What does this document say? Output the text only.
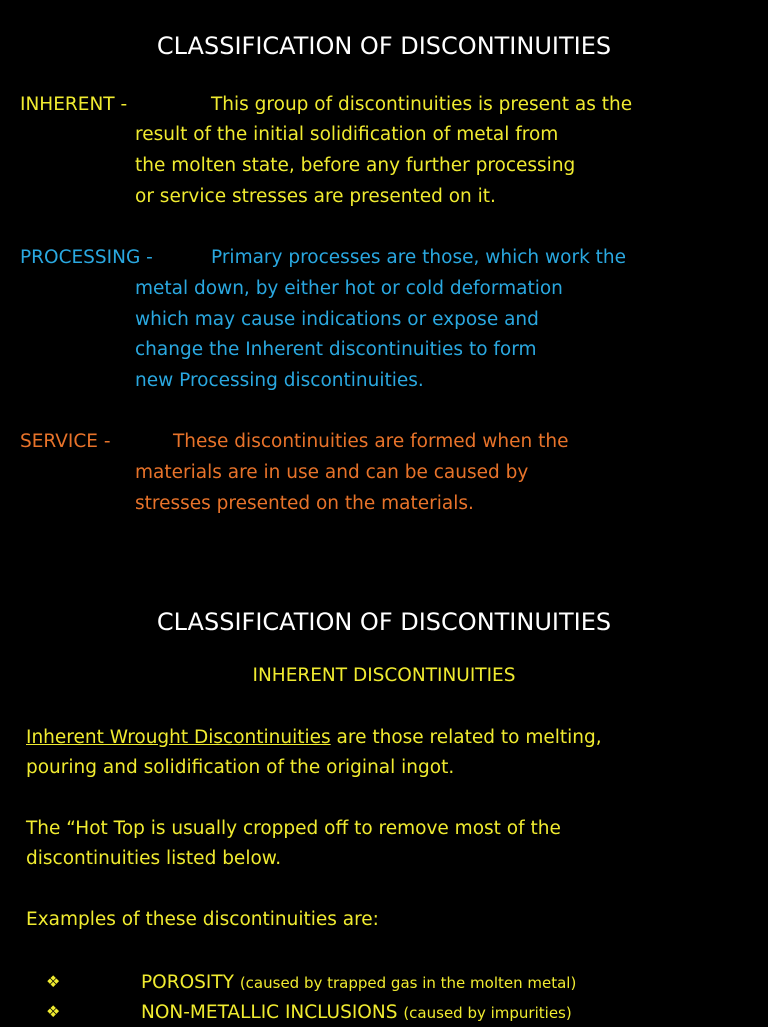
CLASSIFICATION OF DISCONTINUITIES
INHERENT -	This group of discontinuities is present as the
result of the initial solidification of metal from
the molten state, before any further processing
or service stresses are presented on it.
PROCESSING -	Primary processes are those, which work the
metal down, by either hot or cold deformation
which may cause indications or expose and
change the Inherent discontinuities to form
new Processing discontinuities.
SERVICE -	These discontinuities are formed when the
materials are in use and can be caused by
stresses presented on the materials.
CLASSIFICATION OF DISCONTINUITIES
INHERENT DISCONTINUITIES
Inherent Wrought Discontinuities are those related to melting,
pouring and solidification of the original ingot.
The “Hot Top is usually cropped off to remove most of the
discontinuities listed below.
Examples of these discontinuities are:
❖	POROSITY (caused by trapped gas in the molten metal)
❖	NON-METALLIC INCLUSIONS (caused by impurities)
